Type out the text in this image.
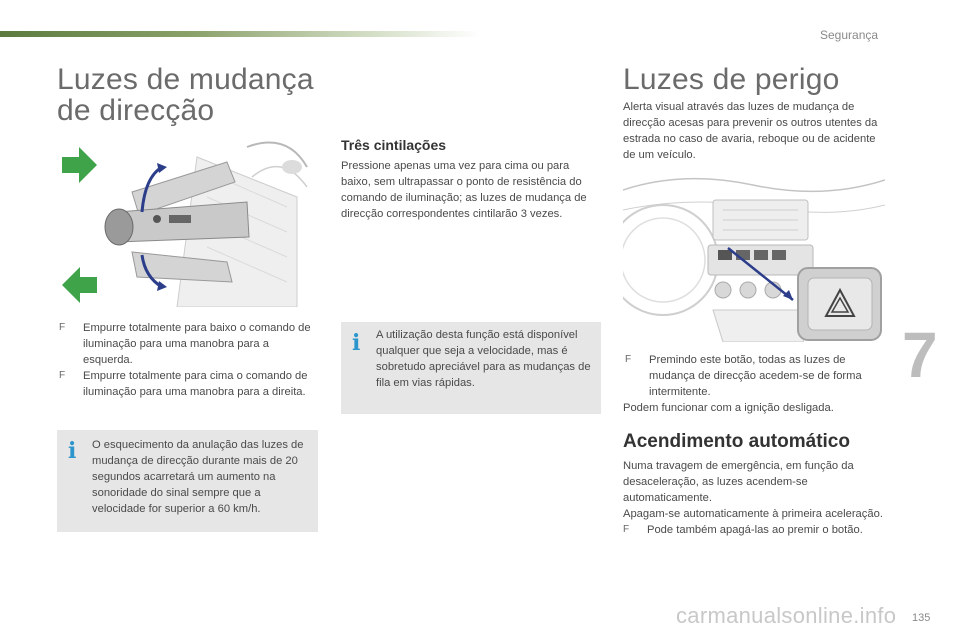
Segurança
Luzes de mudança
de direcção
F Empurre totalmente para baixo o comando de iluminação para uma manobra para a esquerda.
F Empurre totalmente para cima o comando de iluminação para uma manobra para a direita.
i O esquecimento da anulação das luzes de mudança de direcção durante mais de 20 segundos acarretará um aumento na sonoridade do sinal sempre que a velocidade for superior a 60 km/h.
Três cintilações
Pressione apenas uma vez para cima ou para baixo, sem ultrapassar o ponto de resistência do comando de iluminação; as luzes de mudança de direcção correspondentes cintilarão 3 vezes.
i A utilização desta função está disponível qualquer que seja a velocidade, mas é sobretudo apreciável para as mudanças de fila em vias rápidas.
Luzes de perigo
Alerta visual através das luzes de mudança de direcção acesas para prevenir os outros utentes da estrada no caso de avaria, reboque ou de acidente de um veículo.
F Premindo este botão, todas as luzes de mudança de direcção acedem-se de forma intermitente.
Podem funcionar com a ignição desligada.
Acendimento automático
Numa travagem de emergência, em função da desaceleração, as luzes acendem-se automaticamente.
Apagam-se automaticamente à primeira aceleração.
F Pode também apagá-las ao premir o botão.
7
135
carmanualsonline.info
